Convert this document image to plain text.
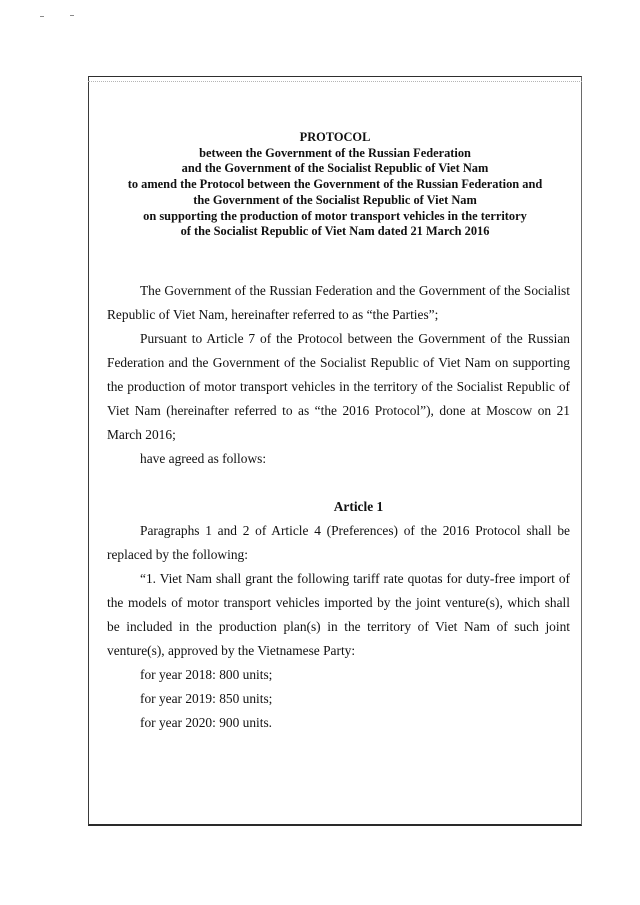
PROTOCOL
between the Government of the Russian Federation
and the Government of the Socialist Republic of Viet Nam
to amend the Protocol between the Government of the Russian Federation and
the Government of the Socialist Republic of Viet Nam
on supporting the production of motor transport vehicles in the territory
of the Socialist Republic of Viet Nam dated 21 March 2016

The Government of the Russian Federation and the Government of the Socialist Republic of Viet Nam, hereinafter referred to as “the Parties”;

Pursuant to Article 7 of the Protocol between the Government of the Russian Federation and the Government of the Socialist Republic of Viet Nam on supporting the production of motor transport vehicles in the territory of the Socialist Republic of Viet Nam (hereinafter referred to as “the 2016 Protocol”), done at Moscow on 21 March 2016;

have agreed as follows:

Article 1

Paragraphs 1 and 2 of Article 4 (Preferences) of the 2016 Protocol shall be replaced by the following:

“1. Viet Nam shall grant the following tariff rate quotas for duty-free import of the models of motor transport vehicles imported by the joint venture(s), which shall be included in the production plan(s) in the territory of Viet Nam of such joint venture(s), approved by the Vietnamese Party:

for year 2018: 800 units;

for year 2019: 850 units;

for year 2020: 900 units.
